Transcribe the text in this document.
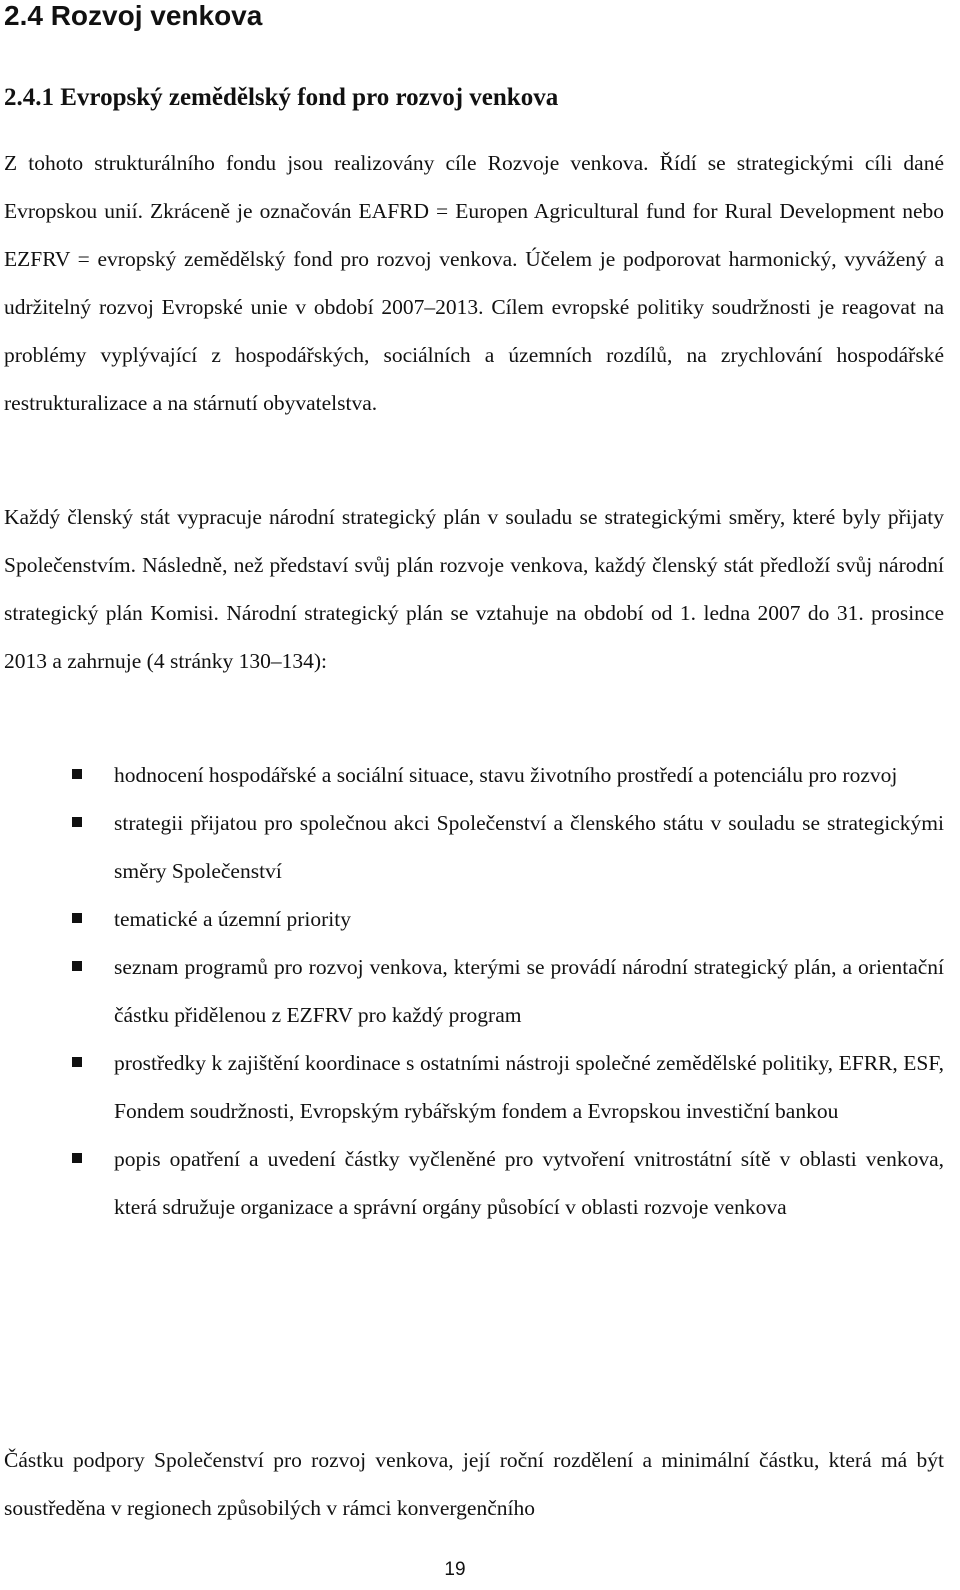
2.4 Rozvoj venkova
2.4.1 Evropský zemědělský fond pro rozvoj venkova

Z tohoto strukturálního fondu jsou realizovány cíle Rozvoje venkova. Řídí se strategickými cíli dané Evropskou unií. Zkráceně je označován EAFRD = Europen Agricultural fund for Rural Development nebo EZFRV = evropský zemědělský fond pro rozvoj venkova. Účelem je podporovat harmonický, vyvážený a udržitelný rozvoj Evropské unie v období 2007–2013. Cílem evropské politiky soudržnosti je reagovat na problémy vyplývající z hospodářských, sociálních a územních rozdílů, na zrychlování hospodářské restrukturalizace a na stárnutí obyvatelstva.

Každý členský stát vypracuje národní strategický plán v souladu se strategickými směry, které byly přijaty Společenstvím. Následně, než představí svůj plán rozvoje venkova, každý členský stát předloží svůj národní strategický plán Komisi. Národní strategický plán se vztahuje na období od 1. ledna 2007 do 31. prosince 2013 a zahrnuje (4 stránky 130–134):

hodnocení hospodářské a sociální situace, stavu životního prostředí a potenciálu pro rozvoj
strategii přijatou pro společnou akci Společenství a členského státu v souladu se strategickými směry Společenství
tematické a územní priority
seznam programů pro rozvoj venkova, kterými se provádí národní strategický plán, a orientační částku přidělenou z EZFRV pro každý program
prostředky k zajištění koordinace s ostatními nástroji společné zemědělské politiky, EFRR, ESF, Fondem soudržnosti, Evropským rybářským fondem a Evropskou investiční bankou
popis opatření a uvedení částky vyčleněné pro vytvoření vnitrostátní sítě v oblasti venkova, která sdružuje organizace a správní orgány působící v oblasti rozvoje venkova

Částku podpory Společenství pro rozvoj venkova, její roční rozdělení a minimální částku, která má být soustředěna v regionech způsobilých v rámci konvergenčního

19
